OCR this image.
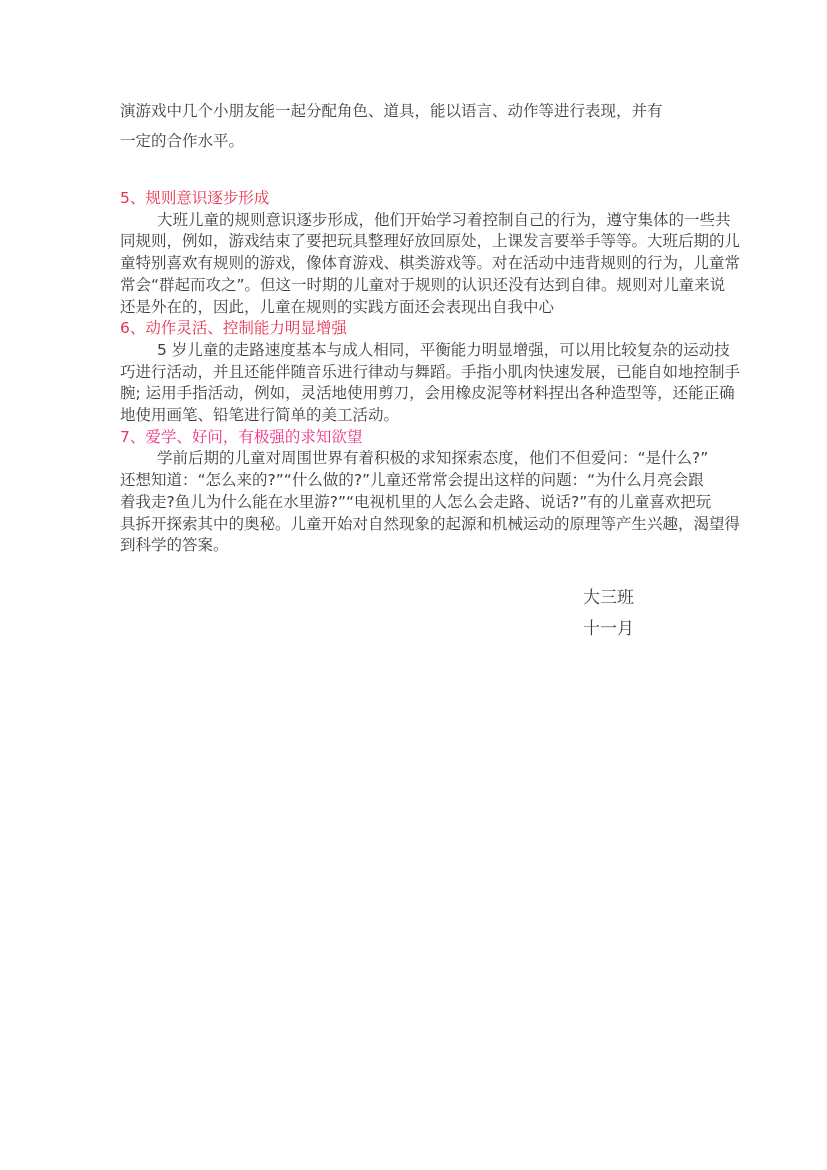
演游戏中几个小朋友能一起分配角色、道具，能以语言、动作等进行表现，并有
一定的合作水平。
5、规则意识逐步形成
大班儿童的规则意识逐步形成，他们开始学习着控制自己的行为，遵守集体的一些共
同规则，例如，游戏结束了要把玩具整理好放回原处，上课发言要举手等等。大班后期的儿
童特别喜欢有规则的游戏，像体育游戏、棋类游戏等。对在活动中违背规则的行为，儿童常
常会“群起而攻之”。但这一时期的儿童对于规则的认识还没有达到自律。规则对儿童来说
还是外在的，因此，儿童在规则的实践方面还会表现出自我中心
6、动作灵活、控制能力明显增强
5 岁儿童的走路速度基本与成人相同，平衡能力明显增强，可以用比较复杂的运动技
巧进行活动，并且还能伴随音乐进行律动与舞蹈。手指小肌肉快速发展，已能自如地控制手
腕; 运用手指活动，例如，灵活地使用剪刀，会用橡皮泥等材料捏出各种造型等，还能正确
地使用画笔、铅笔进行简单的美工活动。
7、爱学、好问，有极强的求知欲望
学前后期的儿童对周围世界有着积极的求知探索态度，他们不但爱问：“是什么?”
还想知道：“怎么来的?”“什么做的?”儿童还常常会提出这样的问题：“为什么月亮会跟
着我走?鱼儿为什么能在水里游?”“电视机里的人怎么会走路、说话?”有的儿童喜欢把玩
具拆开探索其中的奥秘。儿童开始对自然现象的起源和机械运动的原理等产生兴趣，渴望得
到科学的答案。
大三班
十一月
